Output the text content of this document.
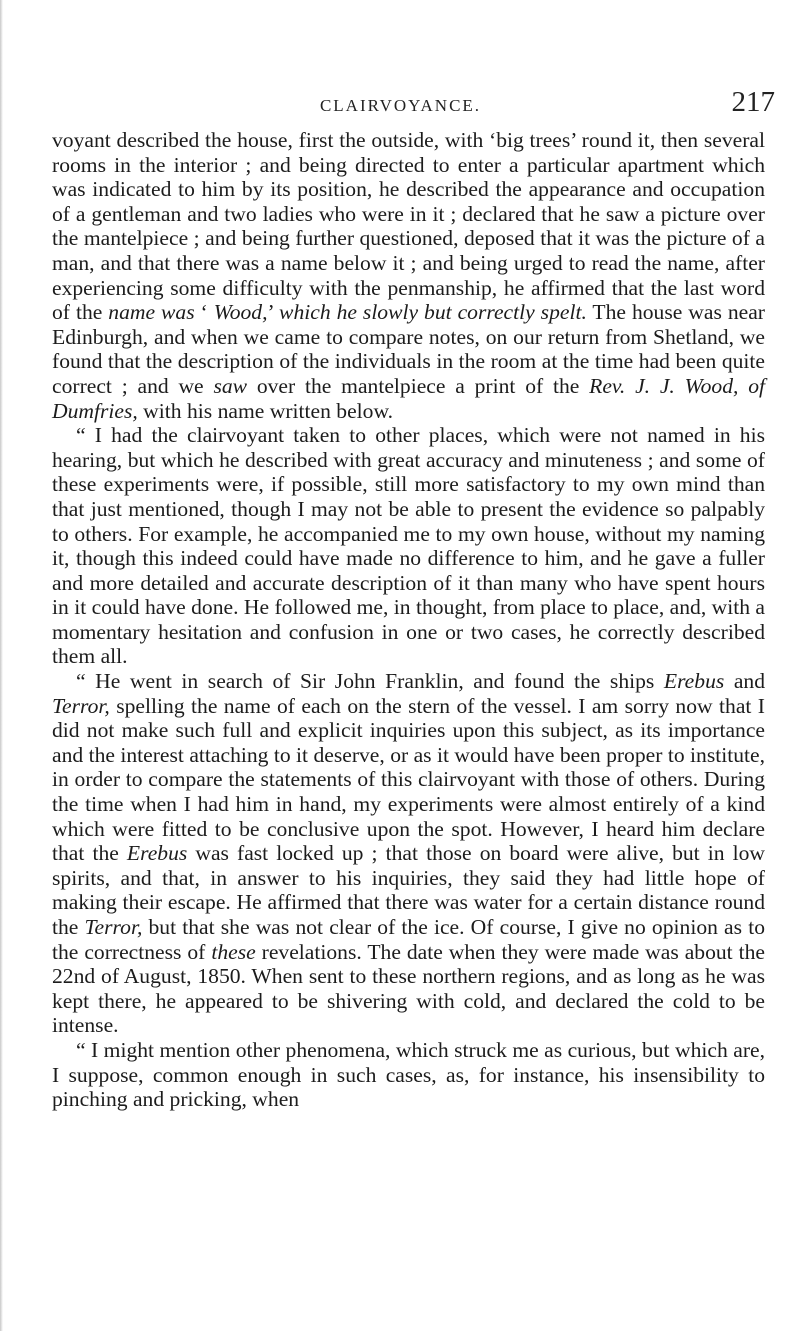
CLAIRVOYANCE.	217

voyant described the house, first the outside, with ‘big trees’ round it, then several rooms in the interior ; and being directed to enter a particular apartment which was indicated to him by its position, he described the appearance and occupation of a gentleman and two ladies who were in it ; declared that he saw a picture over the mantelpiece ; and being further questioned, deposed that it was the picture of a man, and that there was a name below it ; and being urged to read the name, after experiencing some difficulty with the penmanship, he affirmed that the last word of the name was ‘ Wood,’ which he slowly but correctly spelt. The house was near Edinburgh, and when we came to compare notes, on our return from Shetland, we found that the description of the individuals in the room at the time had been quite correct ; and we saw over the mantelpiece a print of the Rev. J. J. Wood, of Dumfries, with his name written below.

“ I had the clairvoyant taken to other places, which were not named in his hearing, but which he described with great accuracy and minuteness ; and some of these experiments were, if possible, still more satisfactory to my own mind than that just mentioned, though I may not be able to present the evidence so palpably to others. For example, he accompanied me to my own house, without my naming it, though this indeed could have made no difference to him, and he gave a fuller and more detailed and accurate description of it than many who have spent hours in it could have done. He followed me, in thought, from place to place, and, with a momentary hesitation and confusion in one or two cases, he correctly described them all.

“ He went in search of Sir John Franklin, and found the ships Erebus and Terror, spelling the name of each on the stern of the vessel. I am sorry now that I did not make such full and explicit inquiries upon this subject, as its importance and the interest attaching to it deserve, or as it would have been proper to institute, in order to compare the statements of this clairvoyant with those of others. During the time when I had him in hand, my experiments were almost entirely of a kind which were fitted to be conclusive upon the spot. However, I heard him declare that the Erebus was fast locked up ; that those on board were alive, but in low spirits, and that, in answer to his inquiries, they said they had little hope of making their escape. He affirmed that there was water for a certain distance round the Terror, but that she was not clear of the ice. Of course, I give no opinion as to the correctness of these revelations. The date when they were made was about the 22nd of August, 1850. When sent to these northern regions, and as long as he was kept there, he appeared to be shivering with cold, and declared the cold to be intense.

“ I might mention other phenomena, which struck me as curious, but which are, I suppose, common enough in such cases, as, for instance, his insensibility to pinching and pricking, when
